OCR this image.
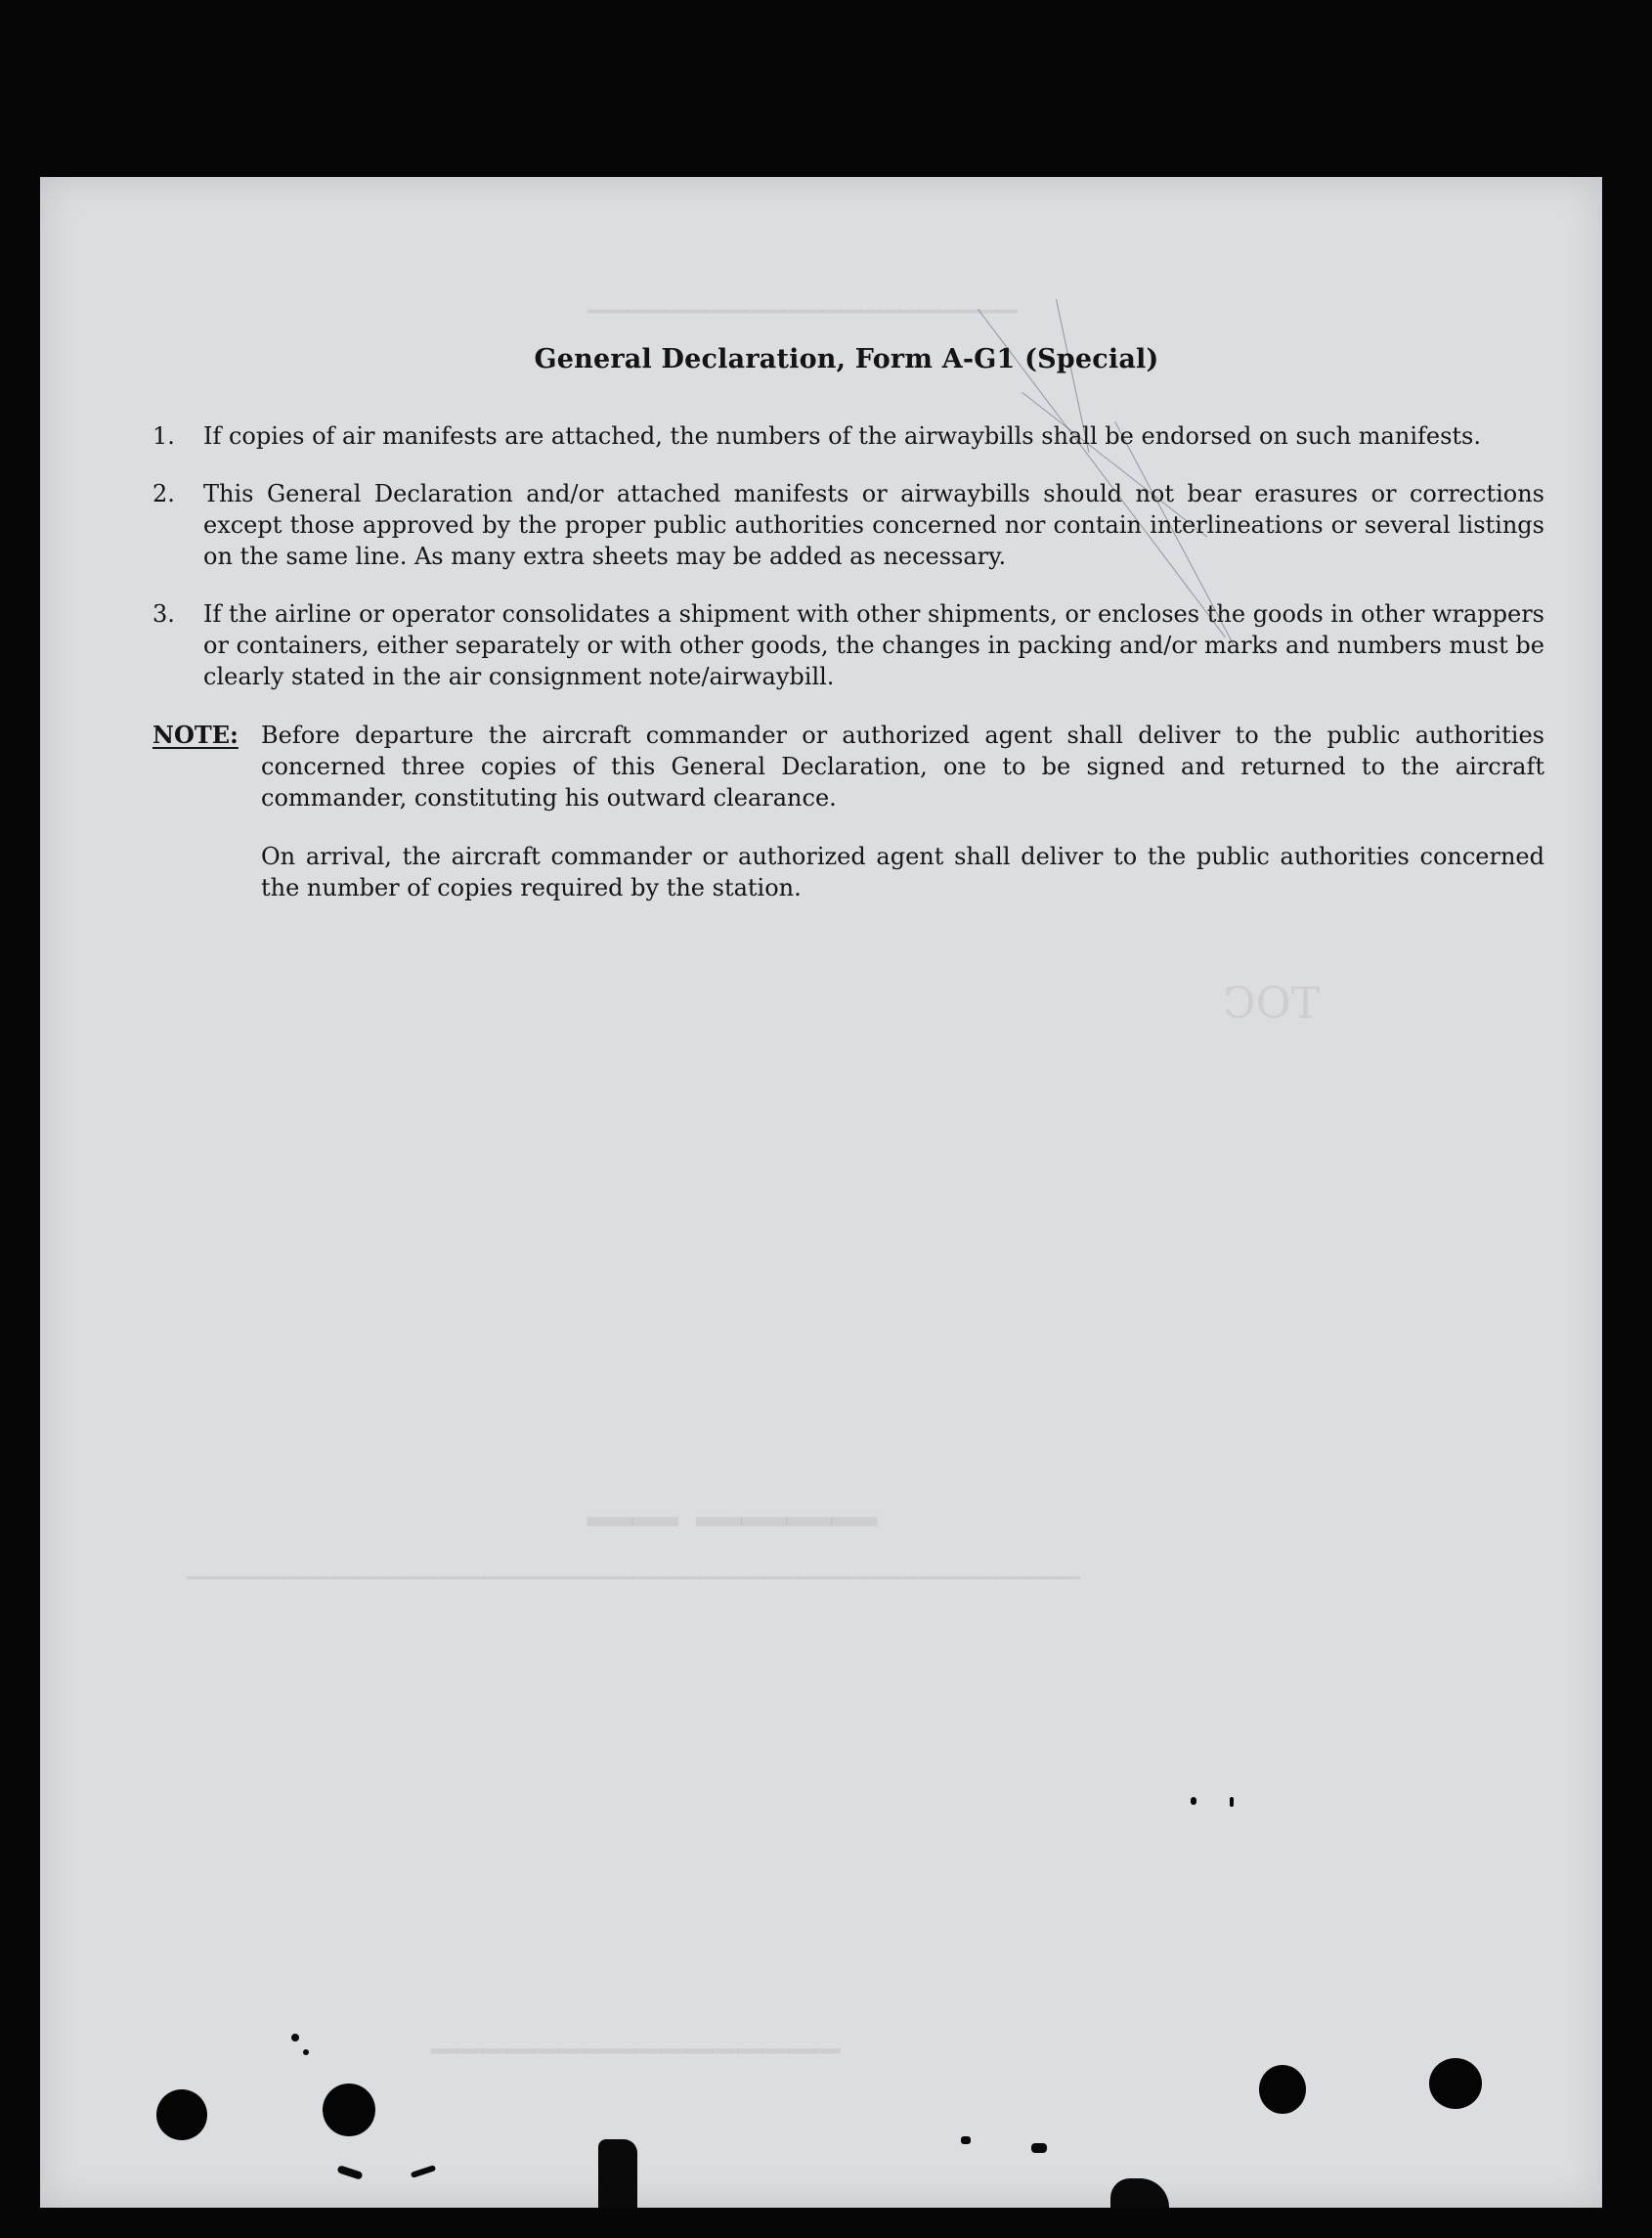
▁▁▁▁▁▁▁▁▁▁▁▁▁▁▁▁▁▁▁▁▁▁
TOC
▁▁ ▁▁▁▁
▁▁▁▁▁▁▁▁▁▁▁▁▁▁▁▁
▁▁▁▁▁▁▁▁▁▁▁▁▁▁▁▁▁▁▁▁▁▁▁▁▁▁▁▁▁▁▁▁▁▁▁▁▁▁▁▁▁▁▁▁▁▁▁▁▁▁▁▁▁▁
General Declaration, Form A-G1 (Special)
1.	If copies of air manifests are attached, the numbers of the airwaybills shall be endorsed on such manifests.
2.	This General Declaration and/or attached manifests or airwaybills should not bear erasures or corrections except those approved by the proper public authorities concerned nor contain interlineations or several listings on the same line. As many extra sheets may be added as necessary.
3.	If the airline or operator consolidates a shipment with other shipments, or encloses the goods in other wrappers or containers, either separately or with other goods, the changes in packing and/or marks and numbers must be clearly stated in the air consignment note/airwaybill.
NOTE: Before departure the aircraft commander or authorized agent shall deliver to the public authorities concerned three copies of this General Declaration, one to be signed and returned to the aircraft commander, constituting his outward clearance.
On arrival, the aircraft commander or authorized agent shall deliver to the public authorities concerned the number of copies required by the station.
